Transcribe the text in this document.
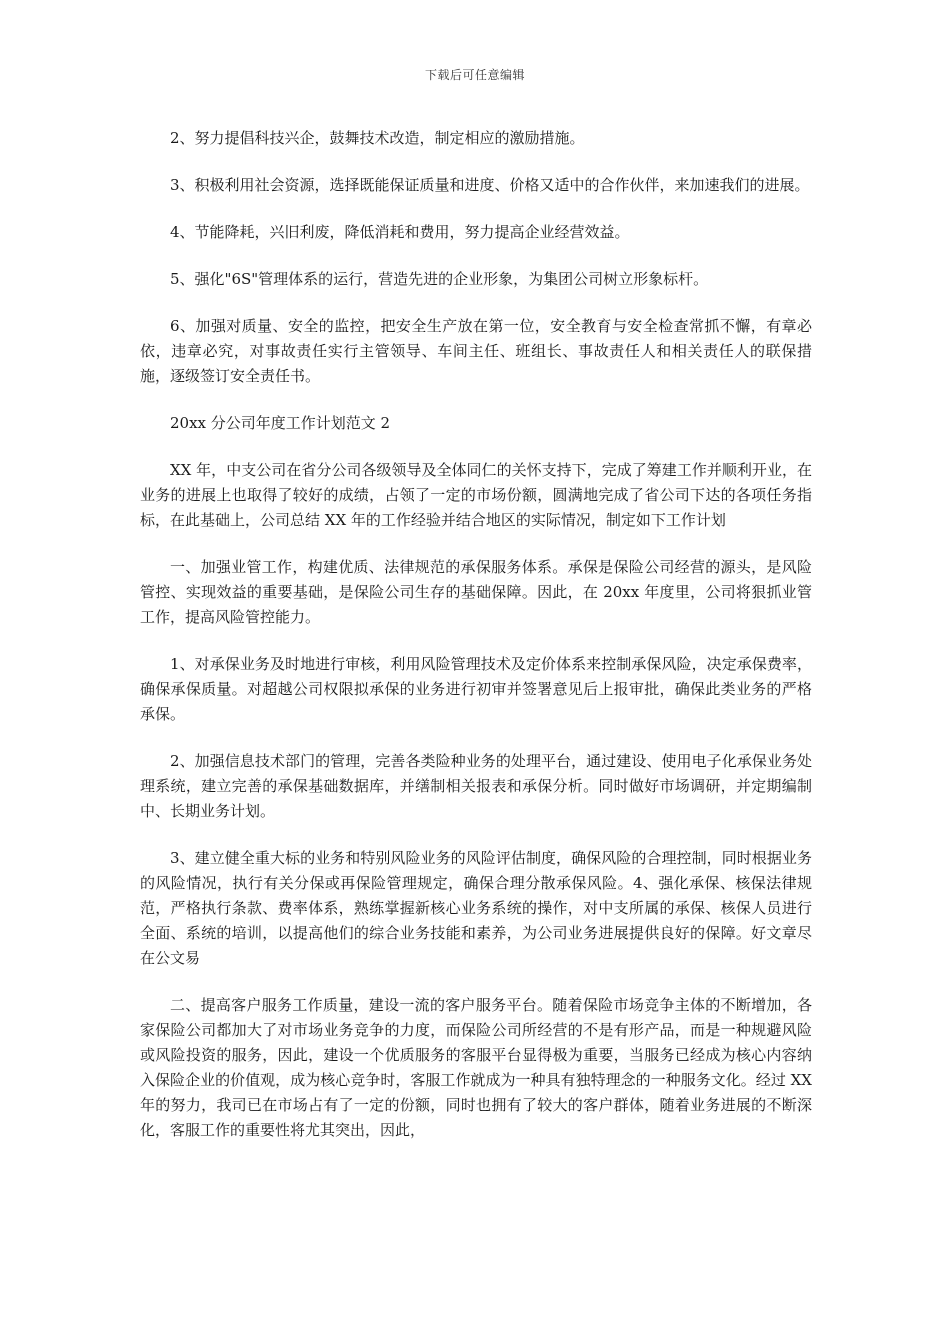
下载后可任意编辑

2、努力提倡科技兴企，鼓舞技术改造，制定相应的激励措施。

3、积极利用社会资源，选择既能保证质量和进度、价格又适中的合作伙伴，来加速我们的进展。

4、节能降耗，兴旧利废，降低消耗和费用，努力提高企业经营效益。

5、强化"6S"管理体系的运行，营造先进的企业形象，为集团公司树立形象标杆。

6、加强对质量、安全的监控，把安全生产放在第一位，安全教育与安全检查常抓不懈，有章必依，违章必究，对事故责任实行主管领导、车间主任、班组长、事故责任人和相关责任人的联保措施，逐级签订安全责任书。

20xx 分公司年度工作计划范文 2

XX 年，中支公司在省分公司各级领导及全体同仁的关怀支持下，完成了筹建工作并顺利开业，在业务的进展上也取得了较好的成绩，占领了一定的市场份额，圆满地完成了省公司下达的各项任务指标，在此基础上，公司总结 XX 年的工作经验并结合地区的实际情况，制定如下工作计划

一、加强业管工作，构建优质、法律规范的承保服务体系。承保是保险公司经营的源头，是风险管控、实现效益的重要基础，是保险公司生存的基础保障。因此，在 20xx 年度里，公司将狠抓业管工作，提高风险管控能力。

1、对承保业务及时地进行审核，利用风险管理技术及定价体系来控制承保风险，决定承保费率，确保承保质量。对超越公司权限拟承保的业务进行初审并签署意见后上报审批，确保此类业务的严格承保。

2、加强信息技术部门的管理，完善各类险种业务的处理平台，通过建设、使用电子化承保业务处理系统，建立完善的承保基础数据库，并缮制相关报表和承保分析。同时做好市场调研，并定期编制中、长期业务计划。

3、建立健全重大标的业务和特别风险业务的风险评估制度，确保风险的合理控制，同时根据业务的风险情况，执行有关分保或再保险管理规定，确保合理分散承保风险。4、强化承保、核保法律规范，严格执行条款、费率体系，熟练掌握新核心业务系统的操作，对中支所属的承保、核保人员进行全面、系统的培训，以提高他们的综合业务技能和素养，为公司业务进展提供良好的保障。好文章尽在公文易

二、提高客户服务工作质量，建设一流的客户服务平台。随着保险市场竞争主体的不断增加，各家保险公司都加大了对市场业务竞争的力度，而保险公司所经营的不是有形产品，而是一种规避风险或风险投资的服务，因此，建设一个优质服务的客服平台显得极为重要，当服务已经成为核心内容纳入保险企业的价值观，成为核心竞争时，客服工作就成为一种具有独特理念的一种服务文化。经过 XX 年的努力，我司已在市场占有了一定的份额，同时也拥有了较大的客户群体，随着业务进展的不断深化，客服工作的重要性将尤其突出，因此，
